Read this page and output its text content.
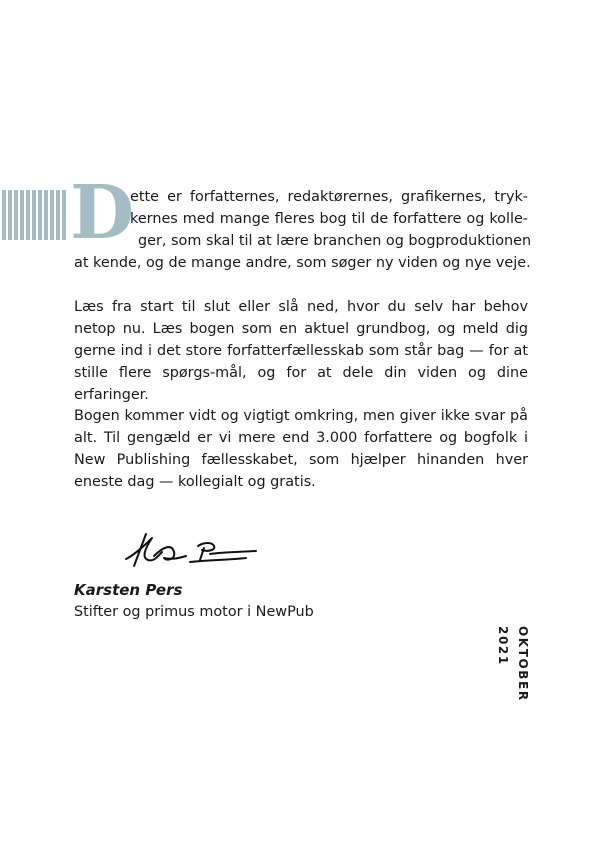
D
ette er forfatternes, redaktørernes, grafikernes, tryk-
kernes med mange fleres bog til de forfattere og kolle-
ger, som skal til at lære branchen og bogproduktionen
at kende, og de mange andre, som søger ny viden og nye veje.

Læs fra start til slut eller slå ned, hvor du selv har behov netop nu. Læs bogen som en aktuel grundbog, og meld dig gerne ind i det store forfatterfællesskab som står bag — for at stille flere spørgs-mål, og for at dele din viden og dine erfaringer.

Bogen kommer vidt og vigtigt omkring, men giver ikke svar på alt. Til gengæld er vi mere end 3.000 forfattere og bogfolk i New Publishing fællesskabet, som hjælper hinanden hver eneste dag — kollegialt og gratis.

Karsten Pers

Stifter og primus motor i NewPub

OKTOBER 2021
